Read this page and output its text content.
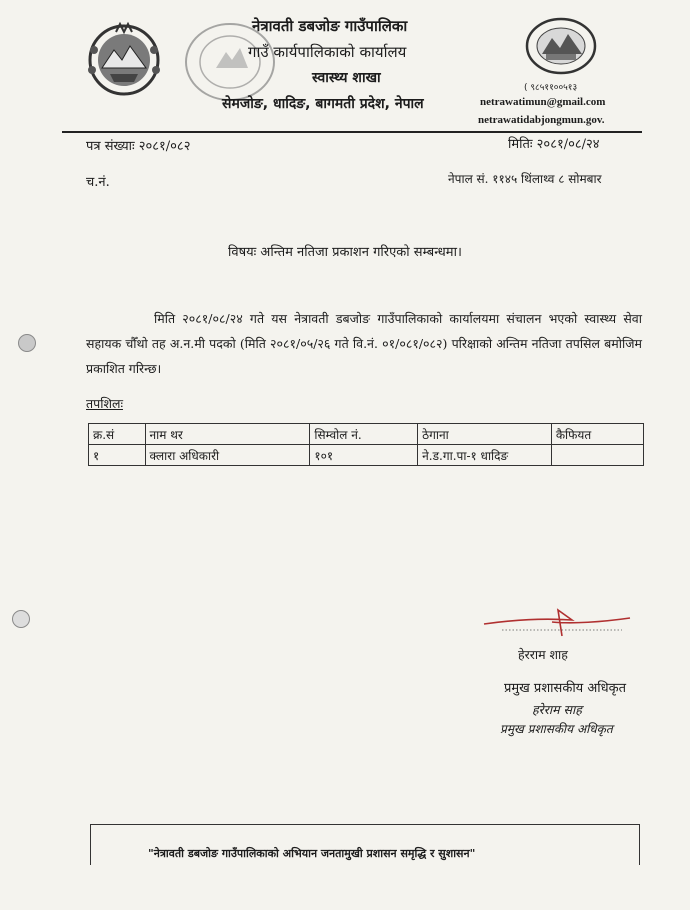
( ९८५११००५१३
नेत्रावती डबजोङ गाउँपालिका
गाउँ कार्यपालिकाको कार्यालय
स्वास्थ्य शाखा
सेमजोङ, धादिङ, बागमती प्रदेश, नेपाल	netrawatimun@gmail.com
netrawatidabjongmun.gov.
पत्र संख्याः २०८१/०८२	मितिः २०८१/०८/२४
च.नं.	नेपाल सं. ११४५ थिंलाथ्व ८ सोमबार
विषयः अन्तिम नतिजा प्रकाशन गरिएको सम्बन्धमा।
मिति २०८१/०८/२४ गते यस नेत्रावती डबजोङ गाउँपालिकाको कार्यालयमा संचालन भएको स्वास्थ्य सेवा सहायक चौँथो तह अ.न.मी पदको (मिति २०८१/०५/२६ गते वि.नं. ०१/०८१/०८२) परिक्षाको अन्तिम नतिजा तपसिल बमोजिम प्रकाशित गरिन्छ।
तपशिलः
क्र.सं	नाम थर	सिम्वोल नं.	ठेगाना	कैफियत
१	क्लारा अधिकारी	१०१	ने.ड.गा.पा-१ धादिङ	
हेरराम शाह
प्रमुख प्रशासकीय अधिकृत
हरेराम साह
प्रमुख प्रशासकीय अधिकृत
"नेत्रावती डबजोङ गाउँपालिकाको अभियान जनतामुखी प्रशासन समृद्धि र सुशासन"
